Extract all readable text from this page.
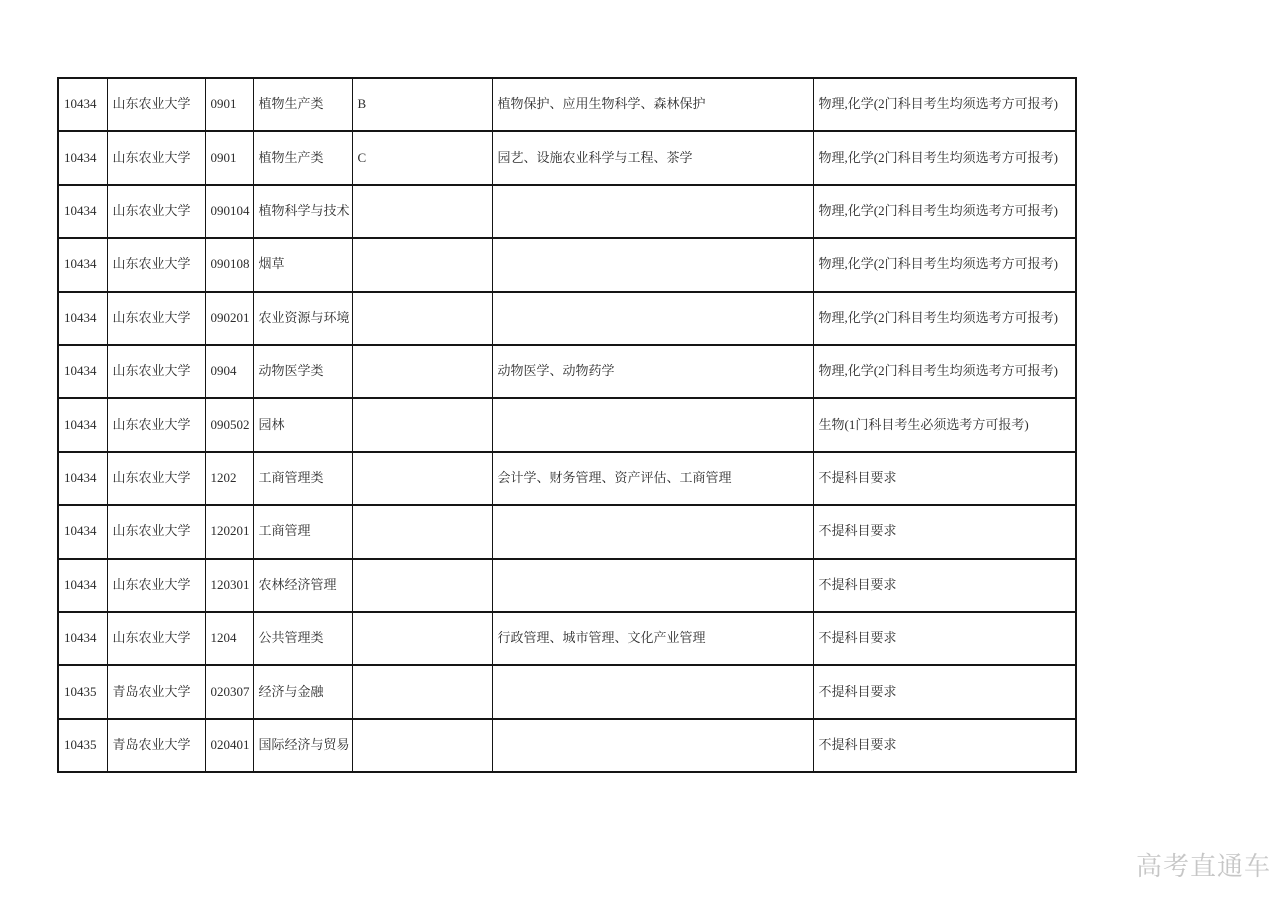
10434	山东农业大学	0901	植物生产类	B	植物保护、应用生物科学、森林保护	物理,化学(2门科目考生均须选考方可报考)
10434	山东农业大学	0901	植物生产类	C	园艺、设施农业科学与工程、茶学	物理,化学(2门科目考生均须选考方可报考)
10434	山东农业大学	090104	植物科学与技术			物理,化学(2门科目考生均须选考方可报考)
10434	山东农业大学	090108	烟草			物理,化学(2门科目考生均须选考方可报考)
10434	山东农业大学	090201	农业资源与环境			物理,化学(2门科目考生均须选考方可报考)
10434	山东农业大学	0904	动物医学类		动物医学、动物药学	物理,化学(2门科目考生均须选考方可报考)
10434	山东农业大学	090502	园林			生物(1门科目考生必须选考方可报考)
10434	山东农业大学	1202	工商管理类		会计学、财务管理、资产评估、工商管理	不提科目要求
10434	山东农业大学	120201	工商管理			不提科目要求
10434	山东农业大学	120301	农林经济管理			不提科目要求
10434	山东农业大学	1204	公共管理类		行政管理、城市管理、文化产业管理	不提科目要求
10435	青岛农业大学	020307	经济与金融			不提科目要求
10435	青岛农业大学	020401	国际经济与贸易			不提科目要求
高考直通车
